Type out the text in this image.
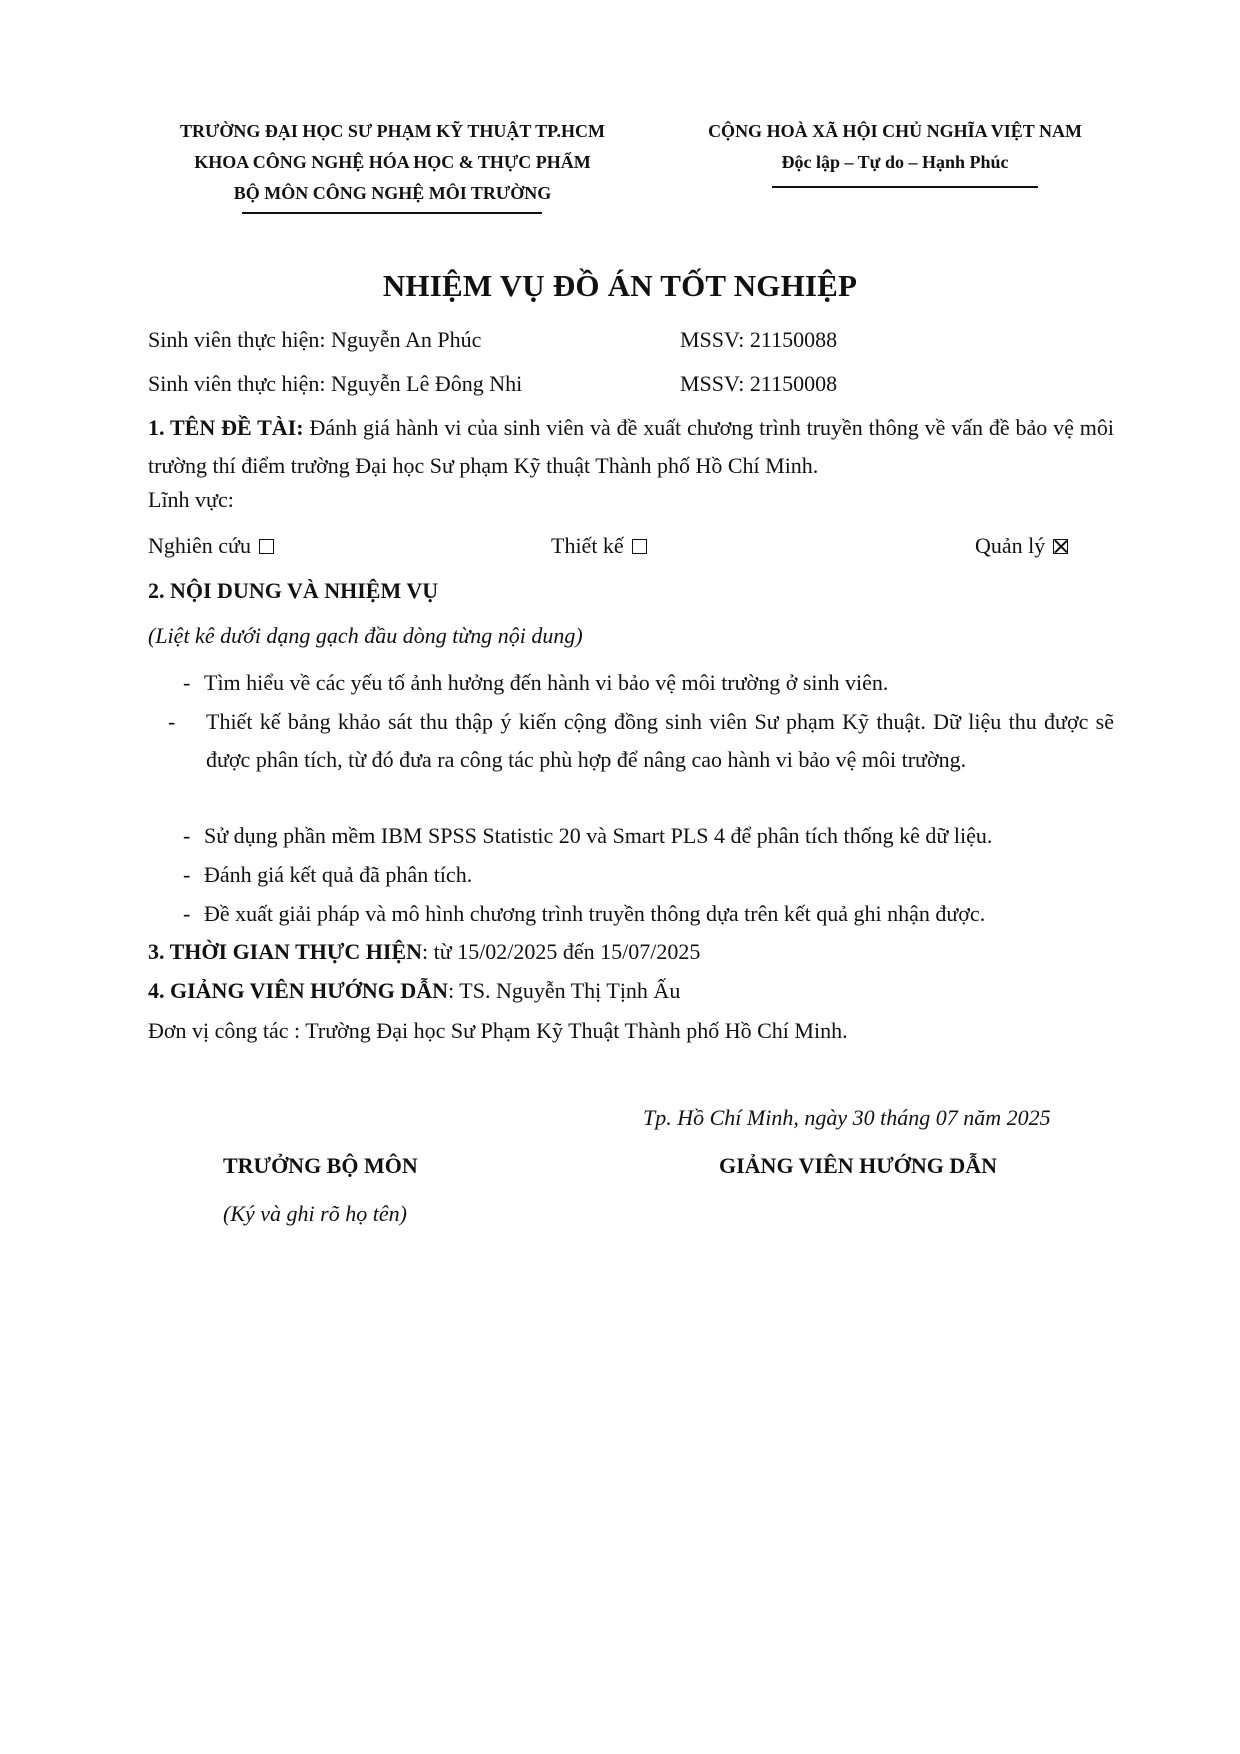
TRƯỜNG ĐẠI HỌC SƯ PHẠM KỸ THUẬT TP.HCM
KHOA CÔNG NGHỆ HÓA HỌC & THỰC PHẨM
BỘ MÔN CÔNG NGHỆ MÔI TRƯỜNG
CỘNG HOÀ XÃ HỘI CHỦ NGHĨA VIỆT NAM
Độc lập – Tự do – Hạnh Phúc
NHIỆM VỤ ĐỒ ÁN TỐT NGHIỆP
Sinh viên thực hiện: Nguyễn An Phúc	MSSV: 21150088
Sinh viên thực hiện: Nguyễn Lê Đông Nhi	MSSV: 21150008
1. TÊN ĐỀ TÀI: Đánh giá hành vi của sinh viên và đề xuất chương trình truyền thông về vấn đề bảo vệ môi trường thí điểm trường Đại học Sư phạm Kỹ thuật Thành phố Hồ Chí Minh.
Lĩnh vực:
Nghiên cứu	Thiết kế	Quản lý
2. NỘI DUNG VÀ NHIỆM VỤ
(Liệt kê dưới dạng gạch đầu dòng từng nội dung)
- Tìm hiểu về các yếu tố ảnh hưởng đến hành vi bảo vệ môi trường ở sinh viên.
- Thiết kế bảng khảo sát thu thập ý kiến cộng đồng sinh viên Sư phạm Kỹ thuật. Dữ liệu thu được sẽ được phân tích, từ đó đưa ra công tác phù hợp để nâng cao hành vi bảo vệ môi trường.
- Sử dụng phần mềm IBM SPSS Statistic 20 và Smart PLS 4 để phân tích thống kê dữ liệu.
- Đánh giá kết quả đã phân tích.
- Đề xuất giải pháp và mô hình chương trình truyền thông dựa trên kết quả ghi nhận được.
3. THỜI GIAN THỰC HIỆN: từ 15/02/2025 đến 15/07/2025
4. GIẢNG VIÊN HƯỚNG DẪN: TS. Nguyễn Thị Tịnh Ấu
Đơn vị công tác : Trường Đại học Sư Phạm Kỹ Thuật Thành phố Hồ Chí Minh.
Tp. Hồ Chí Minh, ngày 30 tháng 07 năm 2025
TRƯỞNG BỘ MÔN	GIẢNG VIÊN HƯỚNG DẪN
(Ký và ghi rõ họ tên)
